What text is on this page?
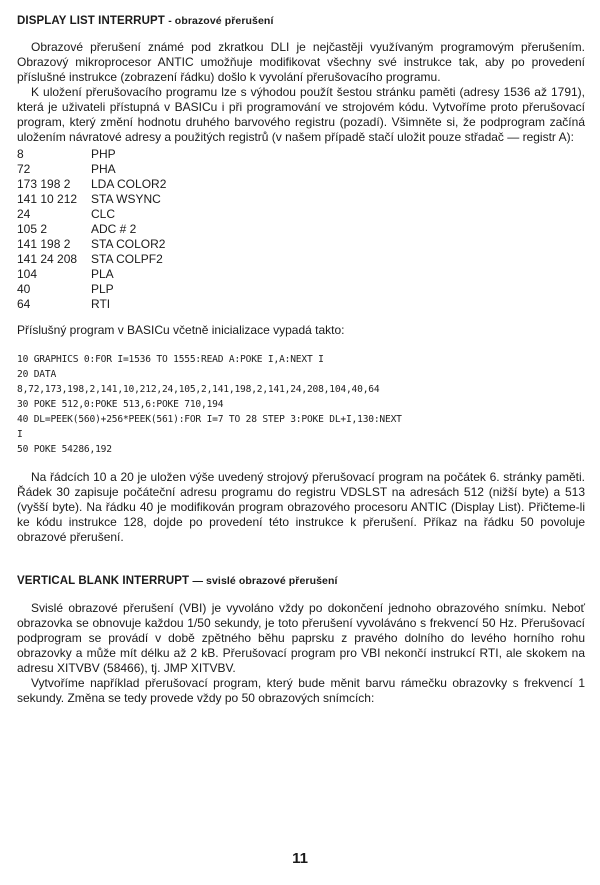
DISPLAY LIST INTERRUPT - obrazové přerušení

Obrazové přerušení známé pod zkratkou DLI je nejčastěji využívaným programovým přerušením. Obrazový mikroprocesor ANTIC umožňuje modifikovat všechny své instrukce tak, aby po provedení příslušné instrukce (zobrazení řádku) došlo k vyvolání přerušovacího programu.

K uložení přerušovacího programu lze s výhodou použít šestou stránku paměti (adresy 1536 až 1791), která je uživateli přístupná v BASICu i při programování ve strojovém kódu. Vytvoříme proto přerušovací program, který změní hodnotu druhého barvového registru (pozadí). Všimněte si, že podprogram začíná uložením návratové adresy a použitých registrů (v našem případě stačí uložit pouze střadač — registr A):

8	PHP
72	PHA
173 198 2	LDA COLOR2
141 10 212	STA WSYNC
24	CLC
105 2	ADC # 2
141 198 2	STA COLOR2
141 24 208	STA COLPF2
104	PLA
40	PLP
64	RTI

Příslušný program v BASICu včetně inicializace vypadá takto:

10 GRAPHICS 0:FOR I=1536 TO 1555:READ A:POKE I,A:NEXT I
20 DATA
8,72,173,198,2,141,10,212,24,105,2,141,198,2,141,24,208,104,40,64
30 POKE 512,0:POKE 513,6:POKE 710,194
40 DL=PEEK(560)+256*PEEK(561):FOR I=7 TO 28 STEP 3:POKE DL+I,130:NEXT
I
50 POKE 54286,192

Na řádcích 10 a 20 je uložen výše uvedený strojový přerušovací program na počátek 6. stránky paměti. Řádek 30 zapisuje počáteční adresu programu do registru VDSLST na adresách 512 (nižší byte) a 513 (vyšší byte). Na řádku 40 je modifikován program obrazového procesoru ANTIC (Display List). Přičteme-li ke kódu instrukce 128, dojde po provedení této instrukce k přerušení. Příkaz na řádku 50 povoluje obrazové přerušení.

VERTICAL BLANK INTERRUPT — svislé obrazové přerušení

Svislé obrazové přerušení (VBI) je vyvoláno vždy po dokončení jednoho obrazového snímku. Neboť obrazovka se obnovuje každou 1/50 sekundy, je toto přerušení vyvoláváno s frekvencí 50 Hz. Přerušovací podprogram se provádí v době zpětného běhu paprsku z pravého dolního do levého horního rohu obrazovky a může mít délku až 2 kB. Přerušovací program pro VBI nekončí instrukcí RTI, ale skokem na adresu XITVBV (58466), tj. JMP XITVBV.

Vytvoříme například přerušovací program, který bude měnit barvu rámečku obrazovky s frekvencí 1 sekundy. Změna se tedy provede vždy po 50 obrazových snímcích:

11
